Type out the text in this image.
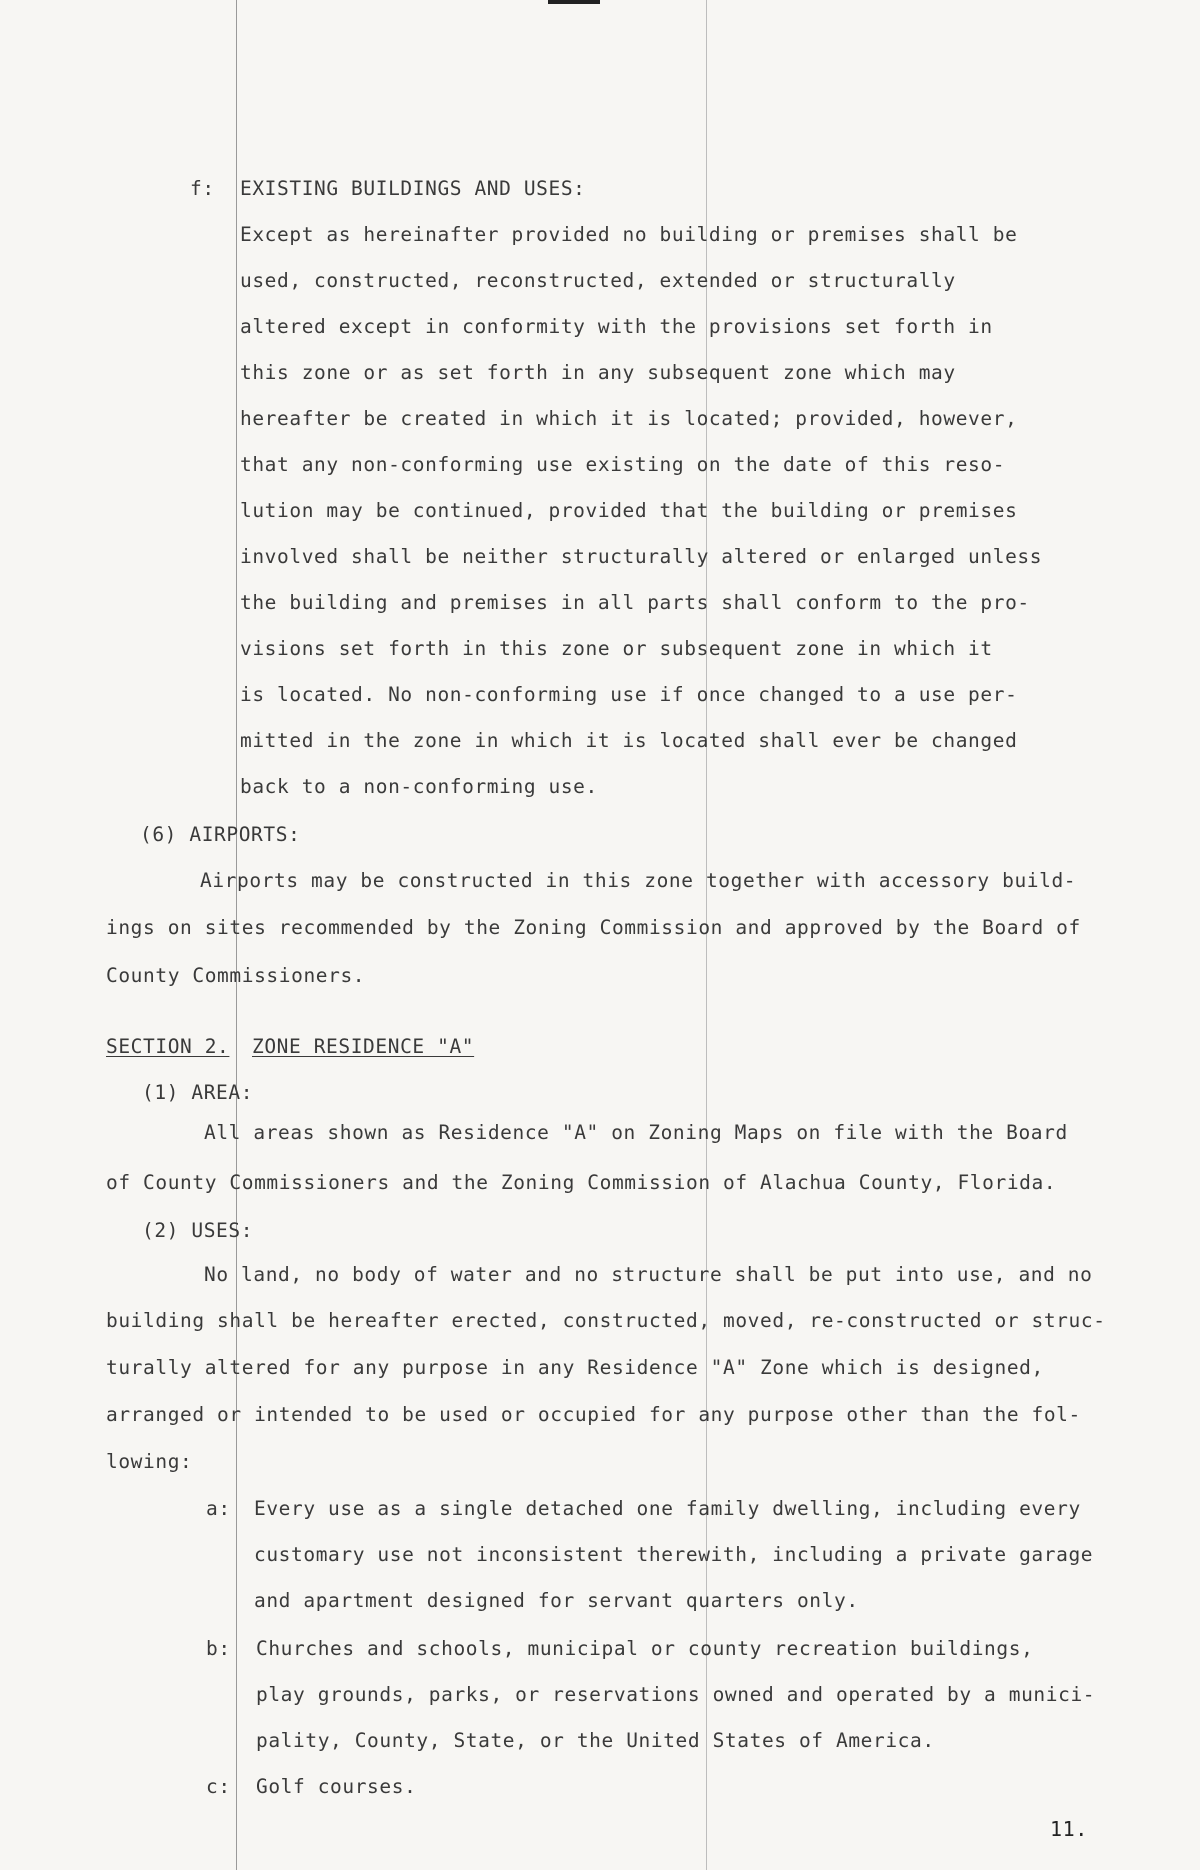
f: EXISTING BUILDINGS AND USES:
Except as hereinafter provided no building or premises shall be
used, constructed, reconstructed, extended or structurally
altered except in conformity with the provisions set forth in
this zone or as set forth in any subsequent zone which may
hereafter be created in which it is located; provided, however,
that any non-conforming use existing on the date of this reso-
lution may be continued, provided that the building or premises
involved shall be neither structurally altered or enlarged unless
the building and premises in all parts shall conform to the pro-
visions set forth in this zone or subsequent zone in which it
is located. No non-conforming use if once changed to a use per-
mitted in the zone in which it is located shall ever be changed
back to a non-conforming use.
(6) AIRPORTS:
Airports may be constructed in this zone together with accessory build-
ings on sites recommended by the Zoning Commission and approved by the Board of
County Commissioners.
SECTION 2. ZONE RESIDENCE "A"
(1) AREA:
All areas shown as Residence "A" on Zoning Maps on file with the Board
of County Commissioners and the Zoning Commission of Alachua County, Florida.
(2) USES:
No land, no body of water and no structure shall be put into use, and no
building shall be hereafter erected, constructed, moved, re-constructed or struc-
turally altered for any purpose in any Residence "A" Zone which is designed,
arranged or intended to be used or occupied for any purpose other than the fol-
lowing:
a: Every use as a single detached one family dwelling, including every
customary use not inconsistent therewith, including a private garage
and apartment designed for servant quarters only.
b: Churches and schools, municipal or county recreation buildings,
play grounds, parks, or reservations owned and operated by a munici-
pality, County, State, or the United States of America.
c: Golf courses.
11.
